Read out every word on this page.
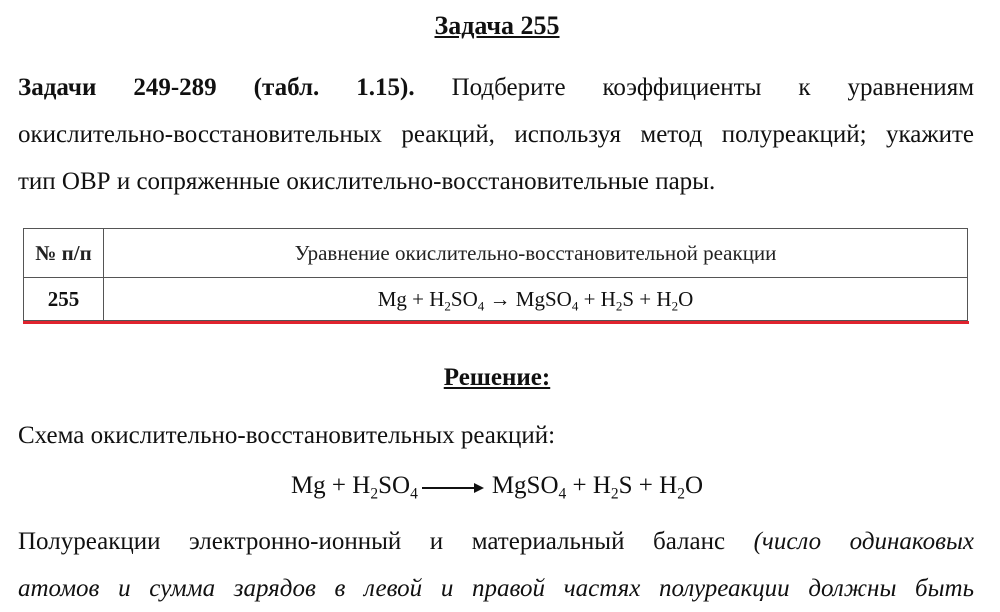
Задача 255
Задачи 249-289 (табл. 1.15). Подберите коэффициенты к уравнениям
окислительно-восстановительных реакций, используя метод полуреакций; укажите
тип ОВР и сопряженные окислительно-восстановительные пары.
№ п/п	Уравнение окислительно-восстановительной реакции
255	$Mg + H_2SO_4$ → MgSO$_4$ + $H_2S + H_2O$
Решение:
Схема окислительно-восстановительных реакций:
$Mg + H_2SO_4$	MgSO$_4$ + $H_2S + H_2O$
Полуреакции электронно-ионный и материальный баланс (число одинаковых
атомов и сумма зарядов в левой и правой частях полуреакции должны быть
